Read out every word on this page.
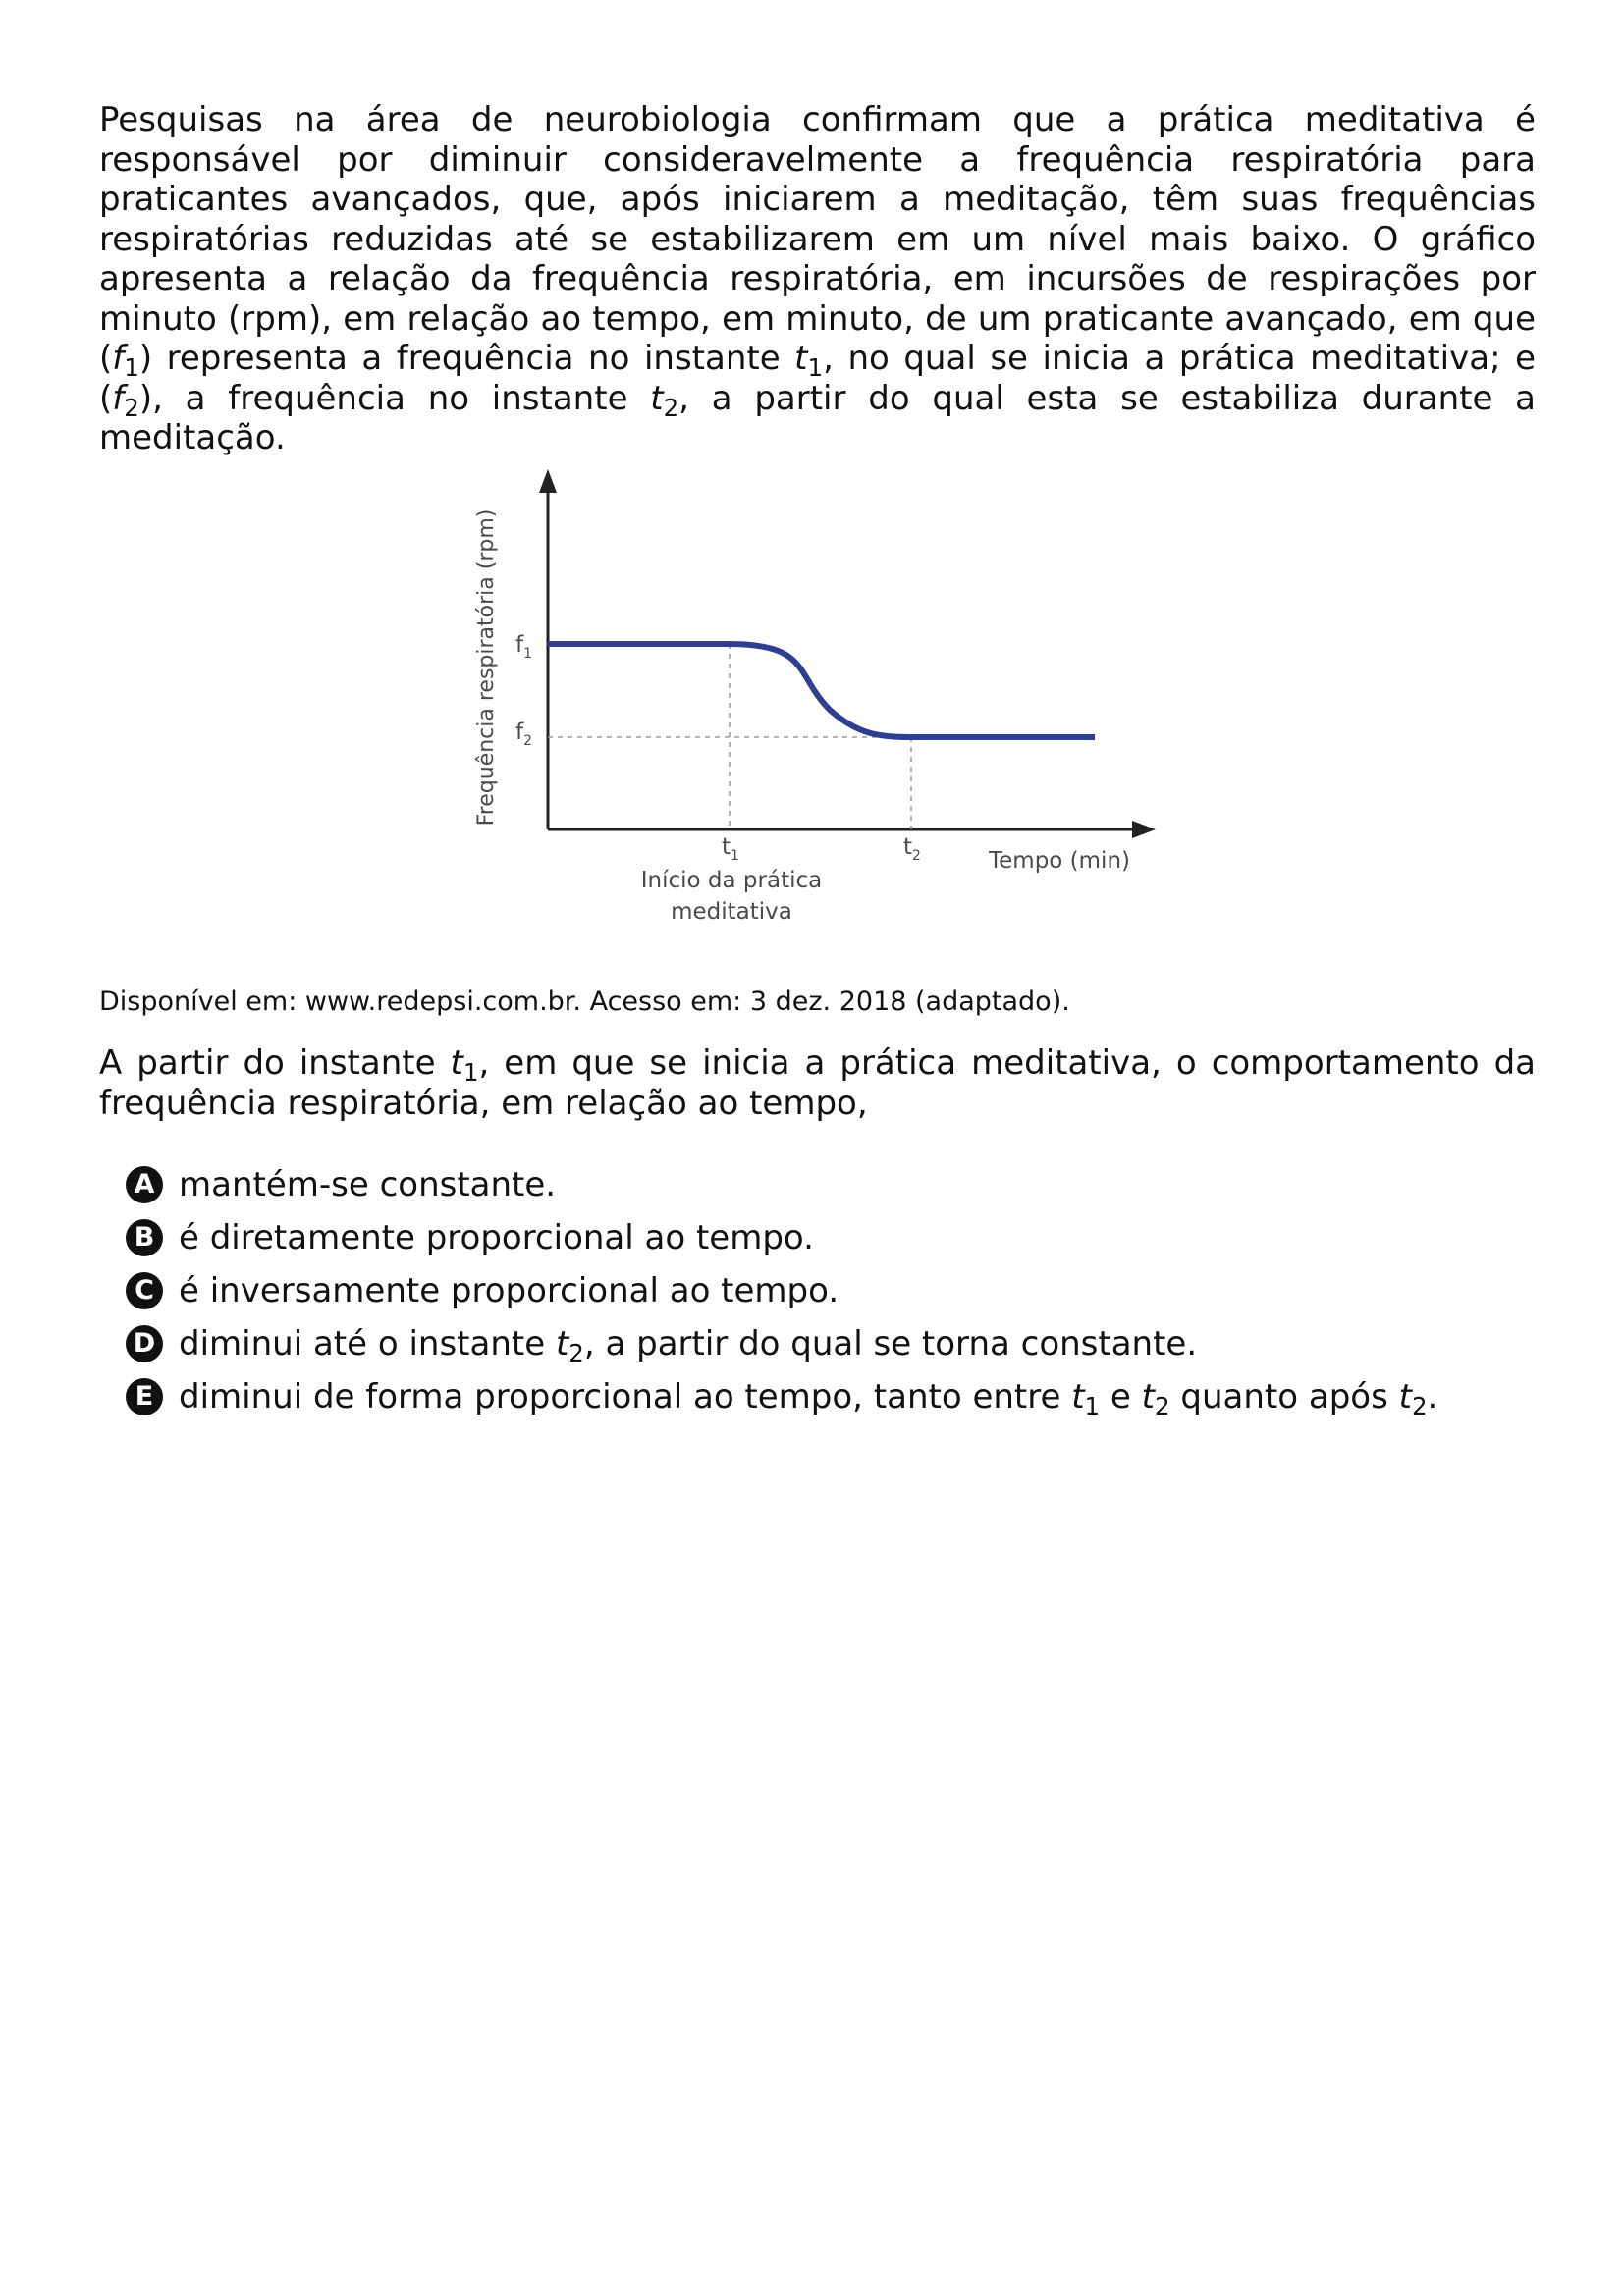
Pesquisas na área de neurobiologia confirmam que a prática meditativa é responsável por diminuir consideravelmente a frequência respiratória para praticantes avançados, que, após iniciarem a meditação, têm suas frequências respiratórias reduzidas até se estabilizarem em um nível mais baixo. O gráfico apresenta a relação da frequência respiratória, em incursões de respirações por minuto (rpm), em relação ao tempo, em minuto, de um praticante avançado, em que $(f_1)$ representa a frequência no instante $t_1$, no qual se inicia a prática meditativa; e $(f_2)$, a frequência no instante $t_2$, a partir do qual esta se estabiliza durante a meditação.

$f_1$
$f_2$
$t_1$	$t_2$
Início da prática
meditativa
Tempo (min)
Frequência respiratória (rpm)

Disponível em: www.redepsi.com.br. Acesso em: 3 dez. 2018 (adaptado).

A partir do instante $t_1$, em que se inicia a prática meditativa, o comportamento da frequência respiratória, em relação ao tempo,

A mantém-se constante.
B é diretamente proporcional ao tempo.
C é inversamente proporcional ao tempo.
D diminui até o instante $t_2$, a partir do qual se torna constante.
E diminui de forma proporcional ao tempo, tanto entre $t_1$ e $t_2$ quanto após $t_2$.
